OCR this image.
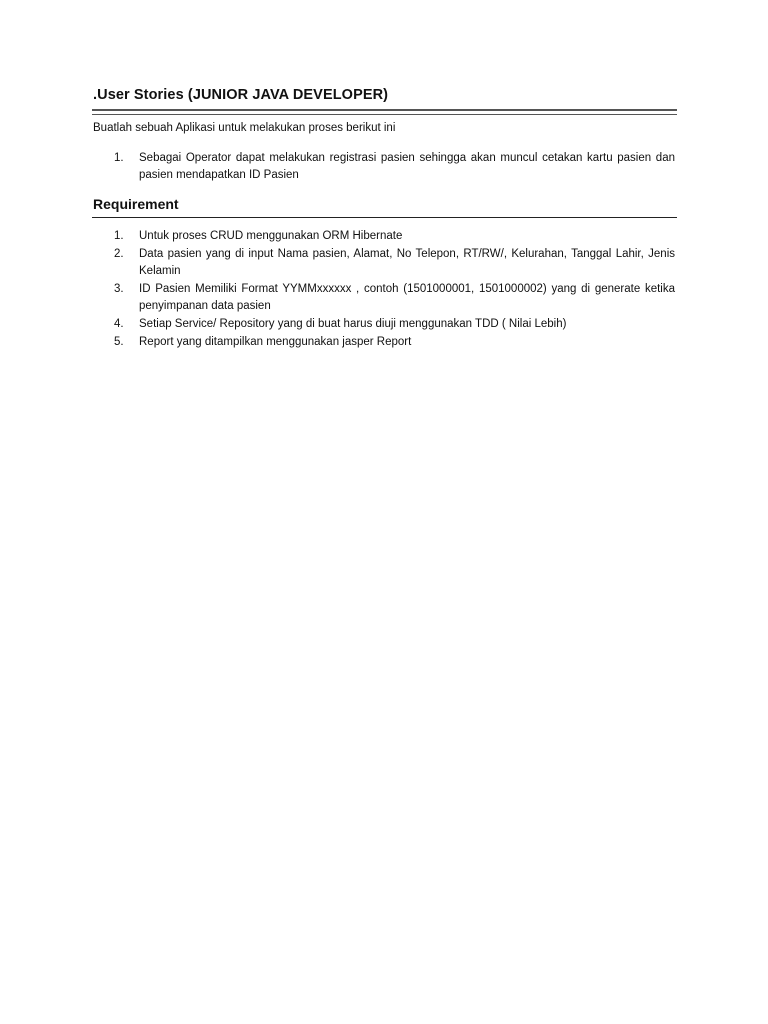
.User Stories (JUNIOR JAVA DEVELOPER)
Buatlah sebuah Aplikasi untuk melakukan proses berikut ini
1. Sebagai Operator dapat melakukan registrasi pasien sehingga akan muncul cetakan kartu pasien dan pasien mendapatkan ID Pasien
Requirement
1. Untuk proses CRUD menggunakan ORM Hibernate
2. Data pasien yang di input Nama pasien, Alamat, No Telepon, RT/RW/, Kelurahan, Tanggal Lahir, Jenis Kelamin
3. ID Pasien Memiliki Format YYMMxxxxxx , contoh (1501000001, 1501000002) yang di generate ketika penyimpanan data pasien
4. Setiap Service/ Repository yang di buat harus diuji menggunakan TDD ( Nilai Lebih)
5. Report yang ditampilkan menggunakan jasper Report
